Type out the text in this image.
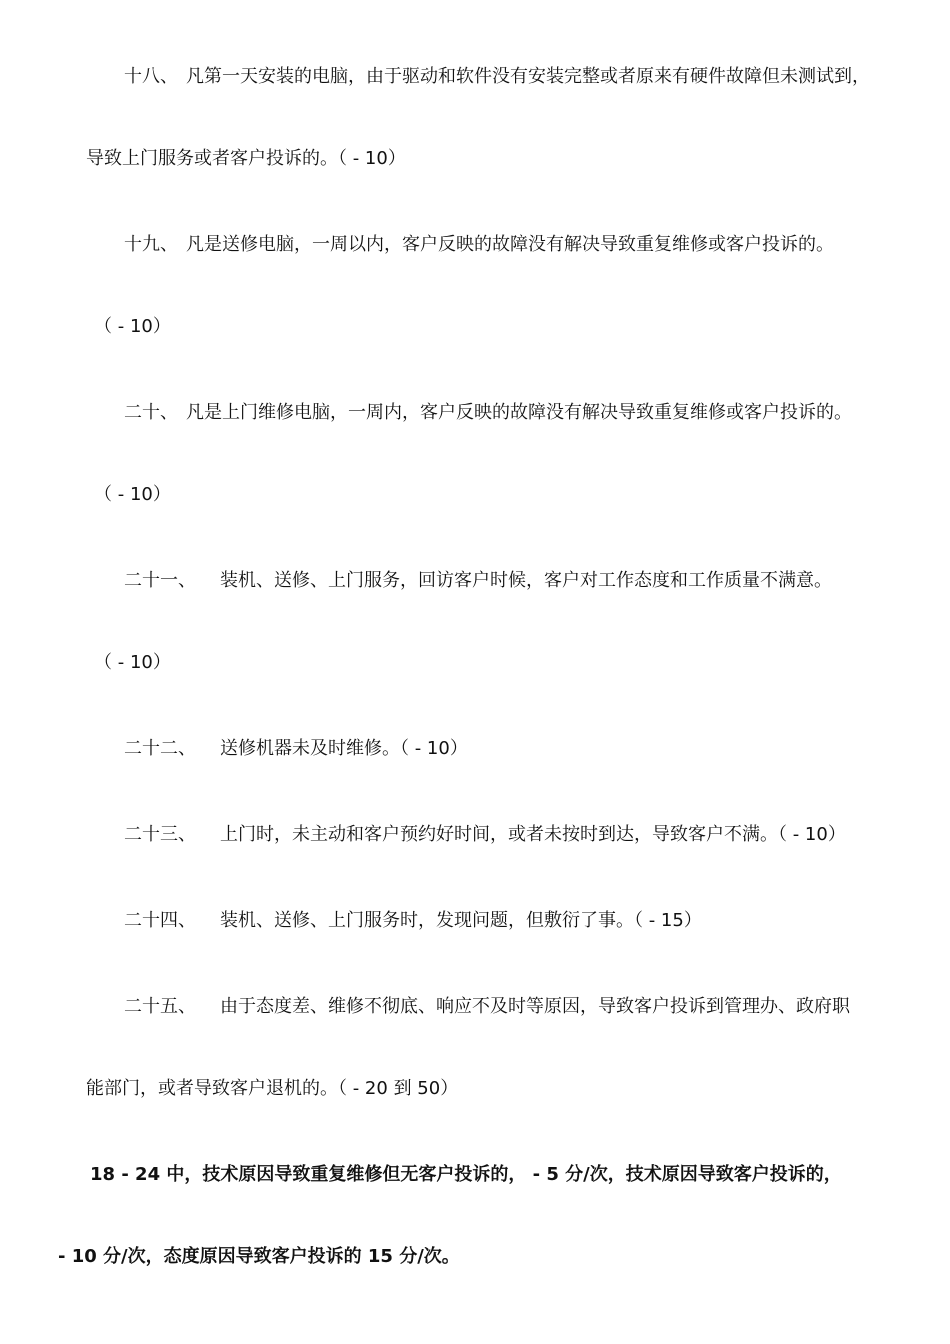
十八、 凡第一天安装的电脑，由于驱动和软件没有安装完整或者原来有硬件故障但未测试到，
导致上门服务或者客户投诉的。（ - 10）
十九、 凡是送修电脑，一周以内，客户反映的故障没有解决导致重复维修或客户投诉的。
（ - 10）
二十、 凡是上门维修电脑，一周内，客户反映的故障没有解决导致重复维修或客户投诉的。
（ - 10）
二十一、 装机、送修、上门服务，回访客户时候，客户对工作态度和工作质量不满意。
（ - 10）
二十二、 送修机器未及时维修。（ - 10）
二十三、 上门时，未主动和客户预约好时间，或者未按时到达，导致客户不满。（ - 10）
二十四、 装机、送修、上门服务时，发现问题，但敷衍了事。（ - 15）
二十五、 由于态度差、维修不彻底、响应不及时等原因，导致客户投诉到管理办、政府职
能部门，或者导致客户退机的。（ - 20 到 50）
18 - 24 中，技术原因导致重复维修但无客户投诉的， - 5 分/次，技术原因导致客户投诉的，
- 10 分/次，态度原因导致客户投诉的 15 分/次。
